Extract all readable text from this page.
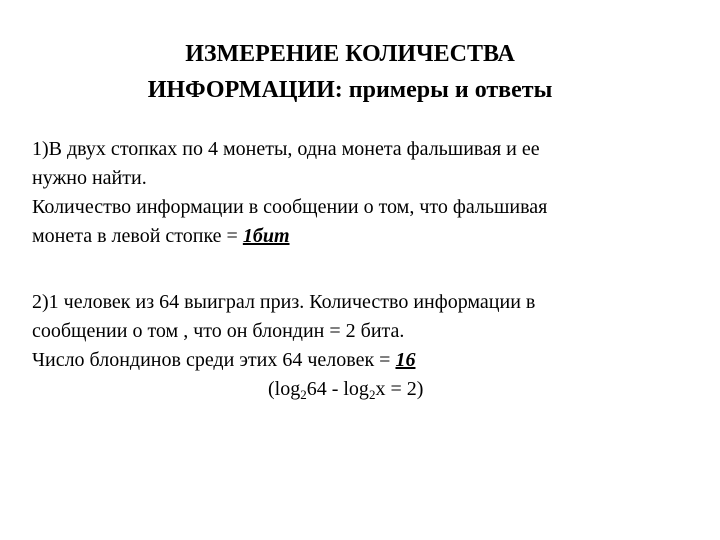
ИЗМЕРЕНИЕ КОЛИЧЕСТВА
ИНФОРМАЦИИ: примеры и ответы
1)В двух стопках по 4 монеты, одна монета фальшивая и ее
нужно найти.
Количество информации в сообщении о том, что фальшивая
монета в левой стопке = 1бит
2)1 человек из 64 выиграл приз. Количество информации в
сообщении о том , что он блондин = 2 бита.
Число блондинов среди этих 64 человек = 16
$(\log_264 - \log_2x = 2)$
